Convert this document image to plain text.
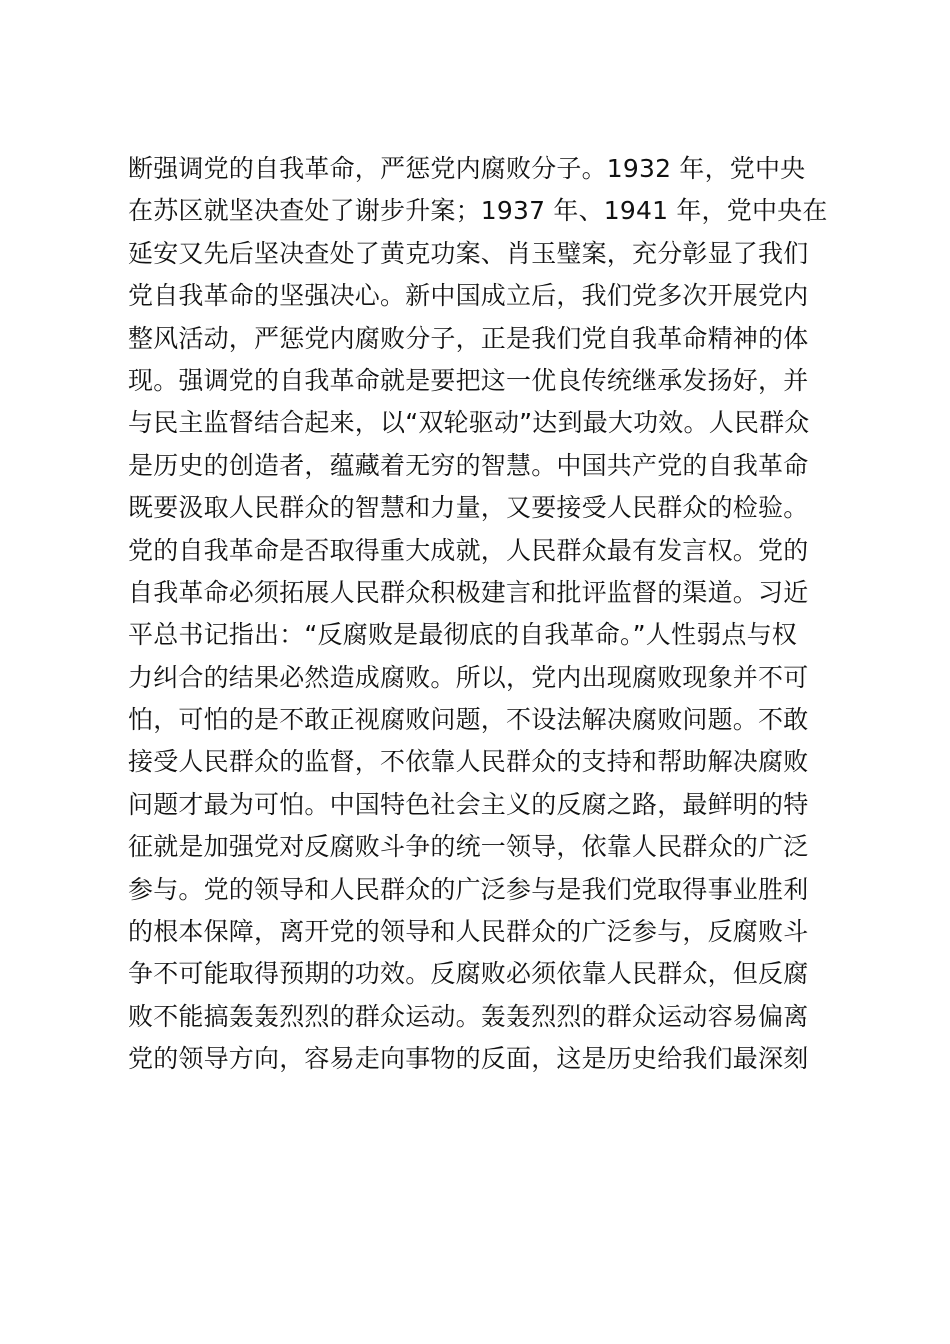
断强调党的自我革命，严惩党内腐败分子。1932 年，党中央
在苏区就坚决查处了谢步升案；1937 年、1941 年，党中央在
延安又先后坚决查处了黄克功案、肖玉璧案，充分彰显了我们
党自我革命的坚强决心。新中国成立后，我们党多次开展党内
整风活动，严惩党内腐败分子，正是我们党自我革命精神的体
现。强调党的自我革命就是要把这一优良传统继承发扬好，并
与民主监督结合起来，以“双轮驱动”达到最大功效。人民群众
是历史的创造者，蕴藏着无穷的智慧。中国共产党的自我革命
既要汲取人民群众的智慧和力量，又要接受人民群众的检验。
党的自我革命是否取得重大成就，人民群众最有发言权。党的
自我革命必须拓展人民群众积极建言和批评监督的渠道。习近
平总书记指出：“反腐败是最彻底的自我革命。”人性弱点与权
力纠合的结果必然造成腐败。所以，党内出现腐败现象并不可
怕，可怕的是不敢正视腐败问题，不设法解决腐败问题。不敢
接受人民群众的监督，不依靠人民群众的支持和帮助解决腐败
问题才最为可怕。中国特色社会主义的反腐之路，最鲜明的特
征就是加强党对反腐败斗争的统一领导，依靠人民群众的广泛
参与。党的领导和人民群众的广泛参与是我们党取得事业胜利
的根本保障，离开党的领导和人民群众的广泛参与，反腐败斗
争不可能取得预期的功效。反腐败必须依靠人民群众，但反腐
败不能搞轰轰烈烈的群众运动。轰轰烈烈的群众运动容易偏离
党的领导方向，容易走向事物的反面，这是历史给我们最深刻
